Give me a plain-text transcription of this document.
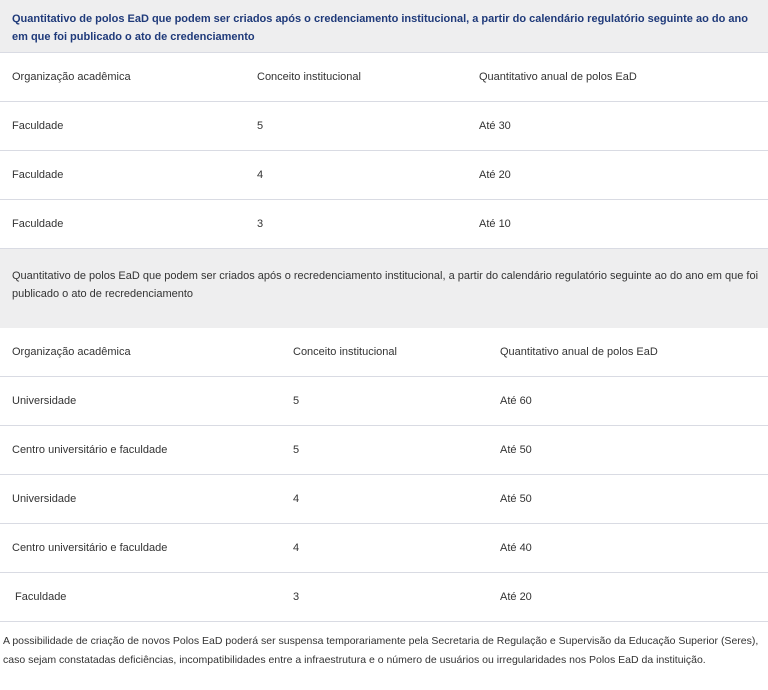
Quantitativo de polos EaD que podem ser criados após o credenciamento institucional, a partir do calendário regulatório seguinte ao do ano em que foi publicado o ato de credenciamento

Organização acadêmica	Conceito institucional	Quantitativo anual de polos EaD
Faculdade	5	Até 30
Faculdade	4	Até 20
Faculdade	3	Até 10

Quantitativo de polos EaD que podem ser criados após o recredenciamento institucional, a partir do calendário regulatório seguinte ao do ano em que foi publicado o ato de recredenciamento

Organização acadêmica	Conceito institucional	Quantitativo anual de polos EaD
Universidade	5	Até 60
Centro universitário e faculdade	5	Até 50
Universidade	4	Até 50
Centro universitário e faculdade	4	Até 40
Faculdade	3	Até 20

A possibilidade de criação de novos Polos EaD poderá ser suspensa temporariamente pela Secretaria de Regulação e Supervisão da Educação Superior (Seres), caso sejam constatadas deficiências, incompatibilidades entre a infraestrutura e o número de usuários ou irregularidades nos Polos EaD da instituição.
